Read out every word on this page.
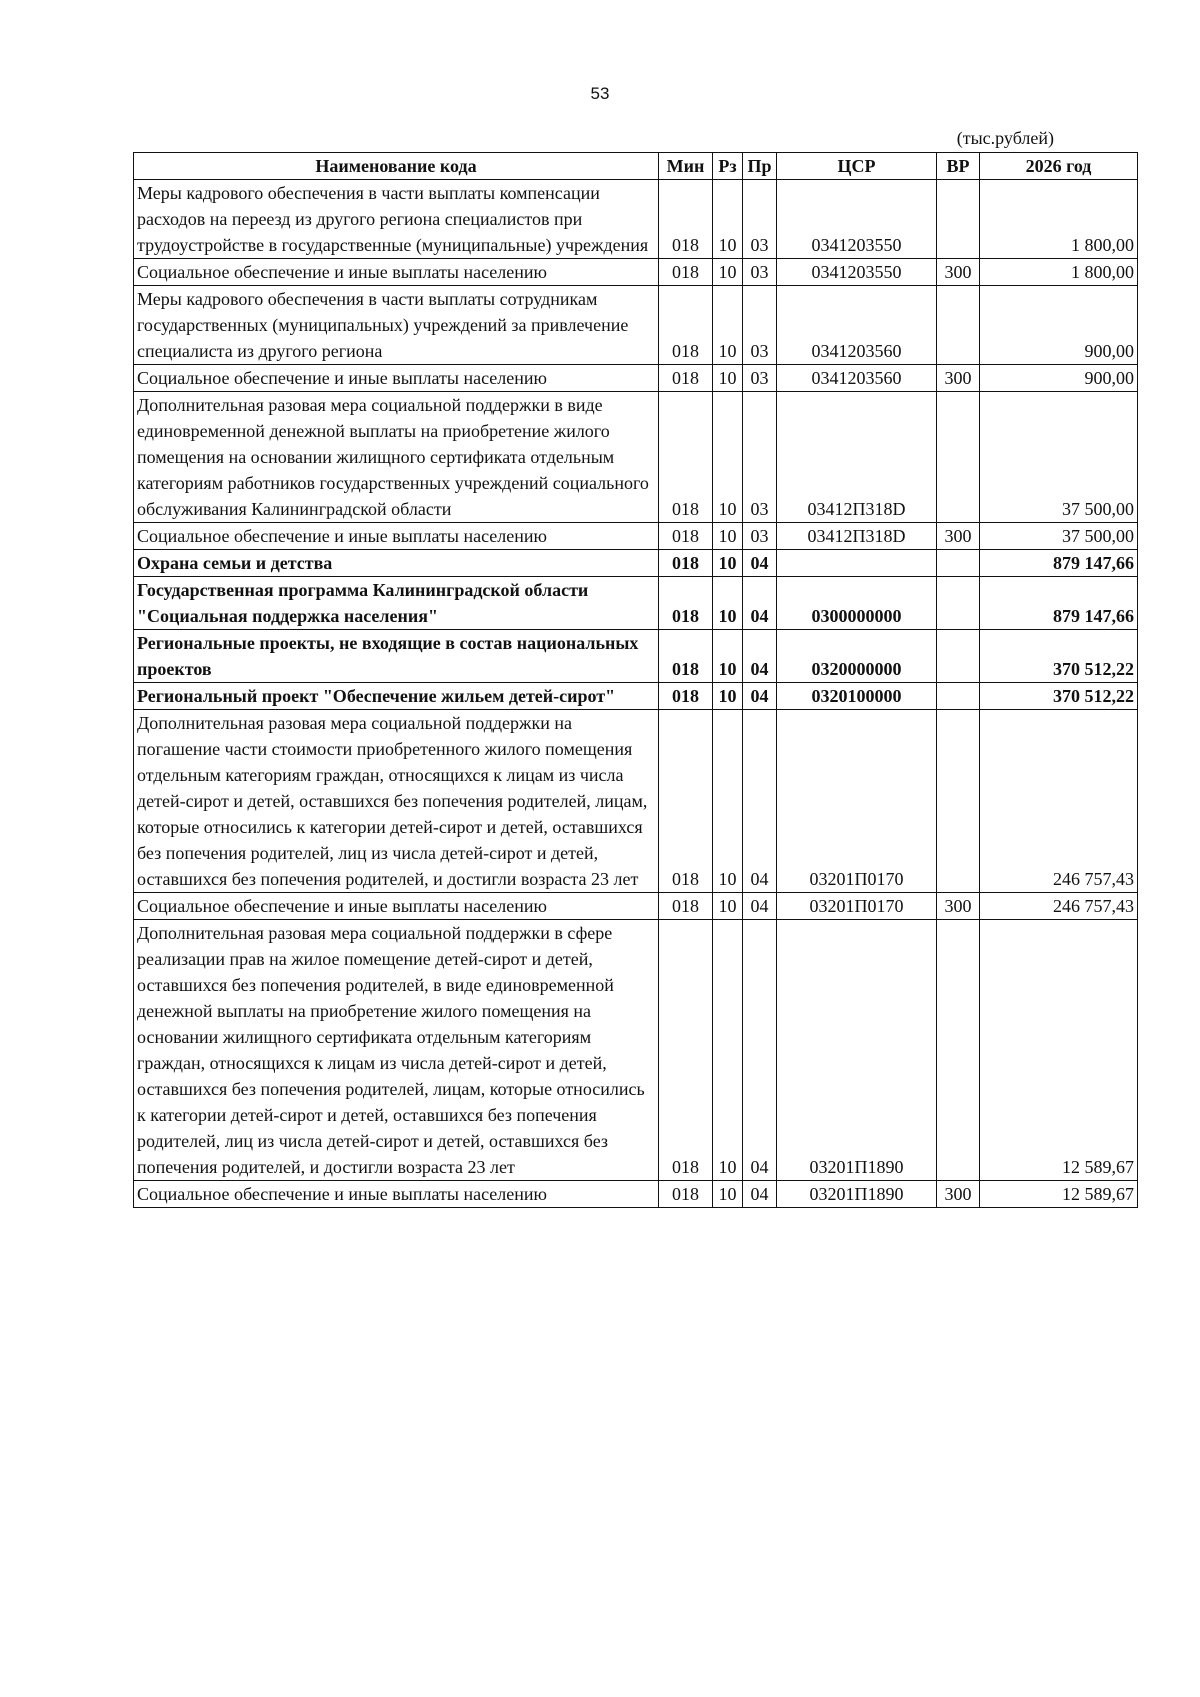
53
(тыс.рублей)
Наименование кода	Мин	Рз	Пр	ЦСР	ВР	2026 год
Меры кадрового обеспечения в части выплаты компенсации расходов на переезд из другого региона специалистов при трудоустройстве в государственные (муниципальные) учреждения	018	10	03	0341203550		1 800,00
Социальное обеспечение и иные выплаты населению	018	10	03	0341203550	300	1 800,00
Меры кадрового обеспечения в части выплаты сотрудникам государственных (муниципальных) учреждений за привлечение специалиста из другого региона	018	10	03	0341203560		900,00
Социальное обеспечение и иные выплаты населению	018	10	03	0341203560	300	900,00
Дополнительная разовая мера социальной поддержки в виде единовременной денежной выплаты на приобретение жилого помещения на основании жилищного сертификата отдельным категориям работников государственных учреждений социального обслуживания Калининградской области	018	10	03	03412П318D		37 500,00
Социальное обеспечение и иные выплаты населению	018	10	03	03412П318D	300	37 500,00
Охрана семьи и детства	018	10	04			879 147,66
Государственная программа Калининградской области "Социальная поддержка населения"	018	10	04	0300000000		879 147,66
Региональные проекты, не входящие в состав национальных проектов	018	10	04	0320000000		370 512,22
Региональный проект "Обеспечение жильем детей-сирот"	018	10	04	0320100000		370 512,22
Дополнительная разовая мера социальной поддержки на погашение части стоимости приобретенного жилого помещения отдельным категориям граждан, относящихся к лицам из числа детей-сирот и детей, оставшихся без попечения родителей, лицам, которые относились к категории детей-сирот и детей, оставшихся без попечения родителей, лиц из числа детей-сирот и детей, оставшихся без попечения родителей, и достигли возраста 23 лет	018	10	04	03201П0170		246 757,43
Социальное обеспечение и иные выплаты населению	018	10	04	03201П0170	300	246 757,43
Дополнительная разовая мера социальной поддержки в сфере реализации прав на жилое помещение детей-сирот и детей, оставшихся без попечения родителей, в виде единовременной денежной выплаты на приобретение жилого помещения на основании жилищного сертификата отдельным категориям граждан, относящихся к лицам из числа детей-сирот и детей, оставшихся без попечения родителей, лицам, которые относились к категории детей-сирот и детей, оставшихся без попечения родителей, лиц из числа детей-сирот и детей, оставшихся без попечения родителей, и достигли возраста 23 лет	018	10	04	03201П1890		12 589,67
Социальное обеспечение и иные выплаты населению	018	10	04	03201П1890	300	12 589,67
